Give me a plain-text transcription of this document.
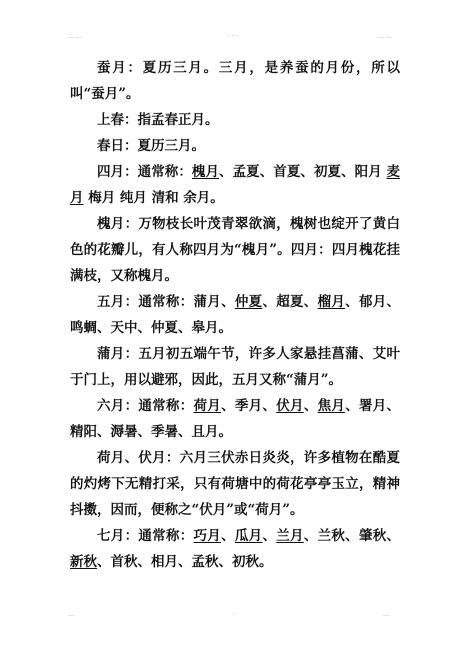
… …	· · ·	… …

蚕月：夏历三月。三月，是养蚕的月份，所以叫“蚕月”。

上春：指孟春正月。

春日：夏历三月。

四月：通常称：槐月、孟夏、首夏、初夏、阳月 麦月 梅月 纯月 清和 余月。

槐月：万物枝长叶茂青翠欲滴，槐树也绽开了黄白色的花瓣儿，有人称四月为“槐月”。四月：四月槐花挂满枝，又称槐月。

五月：通常称：蒲月、仲夏、超夏、榴月、郁月、鸣蜩、天中、仲夏、皋月。

蒲月：五月初五端午节，许多人家悬挂菖蒲、艾叶于门上，用以避邪，因此，五月又称“蒲月”。

六月：通常称：荷月、季月、伏月、焦月、署月、精阳、溽暑、季暑、且月。

荷月、伏月：六月三伏赤日炎炎，许多植物在酷夏的灼烤下无精打采，只有荷塘中的荷花亭亭玉立，精神抖擞，因而，便称之“伏月”或“荷月”。

七月：通常称：巧月、瓜月、兰月、兰秋、肇秋、新秋、首秋、相月、孟秋、初秋。

…	·	…
